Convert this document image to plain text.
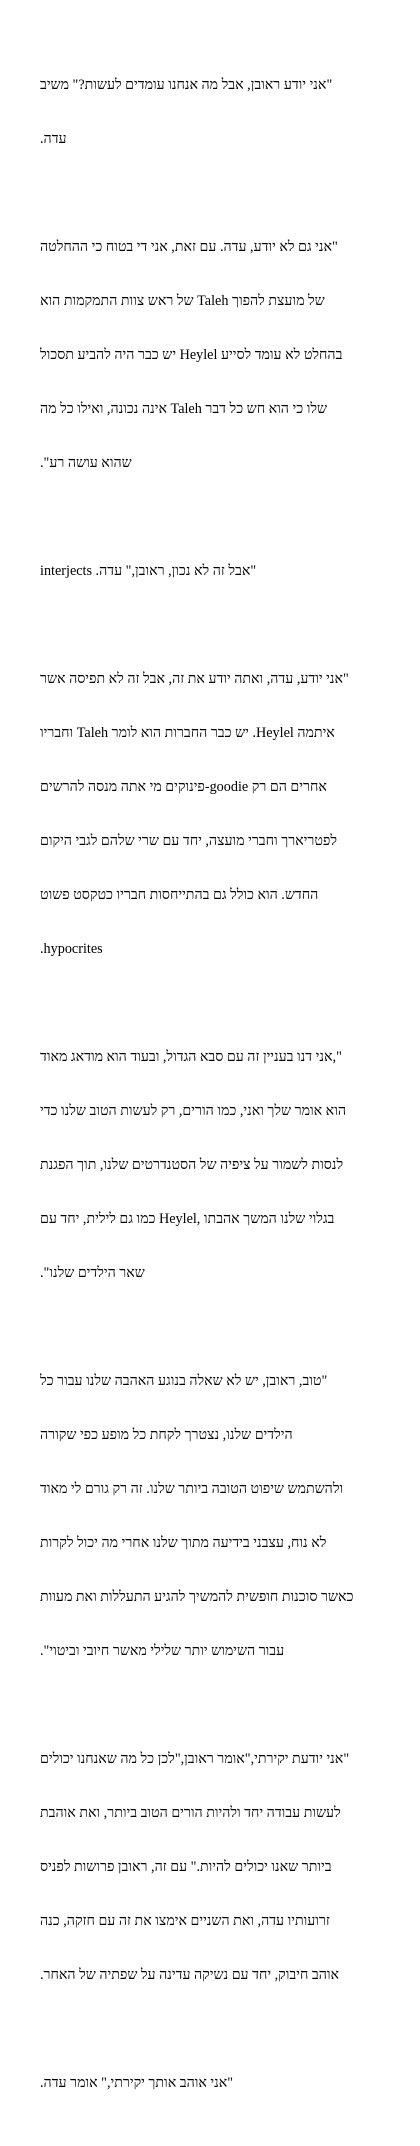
אני יודע ראובן, אבל מה אנחנו עומדים לעשות?" משיב"

.עדה

אני גם לא יודע, עדה. עם זאת, אני די בטוח כי ההחלטה"

של ראש צוות התמקמות הוא Taleh של מועצת להפוך

יש כבר היה להביע תסכול Heylel בהחלט לא עומד לסייע

אינה נכונה, ואילו כל מה Taleh שלו כי הוא חש כל דבר

."שהוא עושה רע

interjects .אבל זה לא נכון, ראובן," עדה"

אני יודע, עדה, ואתה יודע את זה, אבל זה לא תפיסה אשר"

וחבריו Taleh יש כבר החברות הוא לומר .Heylel איתמה

פינוקים מי אתה מנסה להרשים-goodie אחרים הם רק

לפטריארך וחברי מועצה, יחד עם שרי שלהם לגבי היקום

החדש. הוא כולל גם בהתייחסות חבריו כטקסט פשוט

.hypocrites

אני דנו בעניין זה עם סבא הגדול, ובעוד הוא מודאג מאוד,"

הוא אומר שלך ואני, כמו הורים, רק לעשות הטוב שלנו כדי

לנסות לשמור על ציפיה של הסטנדרטים שלנו, תוך הפגנת

כמו גם לילית, יחד עם Heylel, בגלוי שלנו המשך אהבתו

."שאר הילדים שלנו

טוב, ראובן, יש לא שאלה בנוגע האהבה שלנו עבור כל"

הילדים שלנו, נצטרך לקחת כל מופע כפי שקורה

ולהשתמש שיפוט הטובה ביותר שלנו. זה רק גורם לי מאוד

לא נוח, עצבני בידיעה מתוך שלנו אחרי מה יכול לקרות

כאשר סוכנות חופשית להמשיך להגיע התעללות ואת מעוות

."עבור השימוש יותר שלילי מאשר חיובי וביטוי

אני יודעת יקירתי,"אומר ראובן,"לכן כל מה שאנחנו יכולים"

לעשות עבודה יחד ולהיות הורים הטוב ביותר, ואת אוהבת

ביותר שאנו יכולים להיות." עם זה, ראובן פרושות לפניס

זרועותיו עדה, ואת השניים אימצו את זה עם חזקה, כנה

.אוהב חיבוק, יחד עם נשיקה עדינה על שפתיה של האחר

.אני אוהב אותך יקירתי," אומר עדה"
